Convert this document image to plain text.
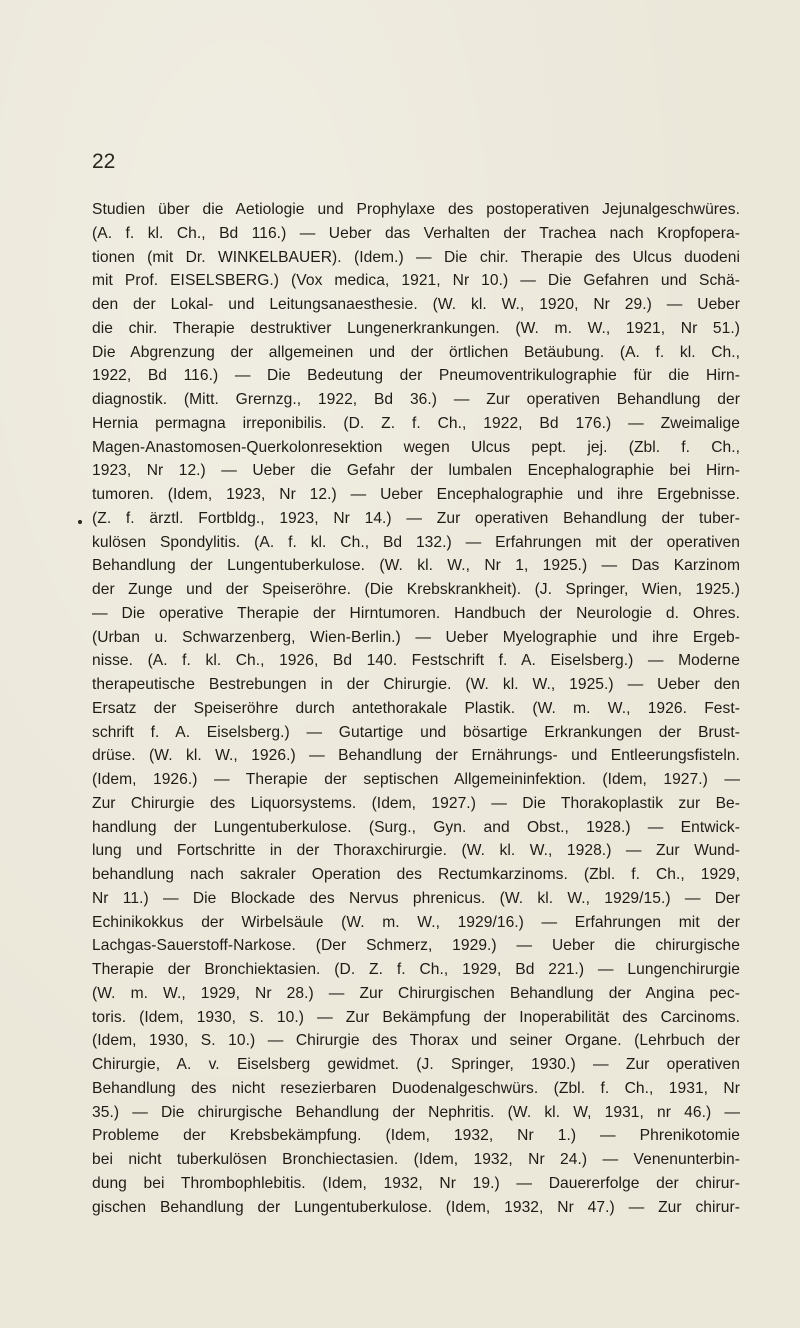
22
Studien über die Aetiologie und Prophylaxe des postoperativen Jejunalgeschwüres.
(A. f. kl. Ch., Bd 116.) — Ueber das Verhalten der Trachea nach Kropfopera-
tionen (mit Dr. WINKELBAUER). (Idem.) — Die chir. Therapie des Ulcus duodeni
mit Prof. EISELSBERG.) (Vox medica, 1921, Nr 10.) — Die Gefahren und Schä-
den der Lokal- und Leitungsanaesthesie. (W. kl. W., 1920, Nr 29.) — Ueber
die chir. Therapie destruktiver Lungenerkrankungen. (W. m. W., 1921, Nr 51.)
Die Abgrenzung der allgemeinen und der örtlichen Betäubung. (A. f. kl. Ch.,
1922, Bd 116.) — Die Bedeutung der Pneumoventrikulographie für die Hirn-
diagnostik. (Mitt. Grernzg., 1922, Bd 36.) — Zur operativen Behandlung der
Hernia permagna irreponibilis. (D. Z. f. Ch., 1922, Bd 176.) — Zweimalige
Magen-Anastomosen-Querkolonresektion wegen Ulcus pept. jej. (Zbl. f. Ch.,
1923, Nr 12.) — Ueber die Gefahr der lumbalen Encephalographie bei Hirn-
tumoren. (Idem, 1923, Nr 12.) — Ueber Encephalographie und ihre Ergebnisse.
(Z. f. ärztl. Fortbldg., 1923, Nr 14.) — Zur operativen Behandlung der tuber-
kulösen Spondylitis. (A. f. kl. Ch., Bd 132.) — Erfahrungen mit der operativen
Behandlung der Lungentuberkulose. (W. kl. W., Nr 1, 1925.) — Das Karzinom
der Zunge und der Speiseröhre. (Die Krebskrankheit). (J. Springer, Wien, 1925.)
— Die operative Therapie der Hirntumoren. Handbuch der Neurologie d. Ohres.
(Urban u. Schwarzenberg, Wien-Berlin.) — Ueber Myelographie und ihre Ergeb-
nisse. (A. f. kl. Ch., 1926, Bd 140. Festschrift f. A. Eiselsberg.) — Moderne
therapeutische Bestrebungen in der Chirurgie. (W. kl. W., 1925.) — Ueber den
Ersatz der Speiseröhre durch antethorakale Plastik. (W. m. W., 1926. Fest-
schrift f. A. Eiselsberg.) — Gutartige und bösartige Erkrankungen der Brust-
drüse. (W. kl. W., 1926.) — Behandlung der Ernährungs- und Entleerungsfisteln.
(Idem, 1926.) — Therapie der septischen Allgemeininfektion. (Idem, 1927.) —
Zur Chirurgie des Liquorsystems. (Idem, 1927.) — Die Thorakoplastik zur Be-
handlung der Lungentuberkulose. (Surg., Gyn. and Obst., 1928.) — Entwick-
lung und Fortschritte in der Thoraxchirurgie. (W. kl. W., 1928.) — Zur Wund-
behandlung nach sakraler Operation des Rectumkarzinoms. (Zbl. f. Ch., 1929,
Nr 11.) — Die Blockade des Nervus phrenicus. (W. kl. W., 1929/15.) — Der
Echinikokkus der Wirbelsäule (W. m. W., 1929/16.) — Erfahrungen mit der
Lachgas-Sauerstoff-Narkose. (Der Schmerz, 1929.) — Ueber die chirurgische
Therapie der Bronchiektasien. (D. Z. f. Ch., 1929, Bd 221.) — Lungenchirurgie
(W. m. W., 1929, Nr 28.) — Zur Chirurgischen Behandlung der Angina pec-
toris. (Idem, 1930, S. 10.) — Zur Bekämpfung der Inoperabilität des Carcinoms.
(Idem, 1930, S. 10.) — Chirurgie des Thorax und seiner Organe. (Lehrbuch der
Chirurgie, A. v. Eiselsberg gewidmet. (J. Springer, 1930.) — Zur operativen
Behandlung des nicht resezierbaren Duodenalgeschwürs. (Zbl. f. Ch., 1931, Nr
35.) — Die chirurgische Behandlung der Nephritis. (W. kl. W, 1931, nr 46.) —
Probleme der Krebsbekämpfung. (Idem, 1932, Nr 1.) — Phrenikotomie
bei nicht tuberkulösen Bronchiectasien. (Idem, 1932, Nr 24.) — Venenunterbin-
dung bei Thrombophlebitis. (Idem, 1932, Nr 19.) — Dauererfolge der chirur-
gischen Behandlung der Lungentuberkulose. (Idem, 1932, Nr 47.) — Zur chirur-
